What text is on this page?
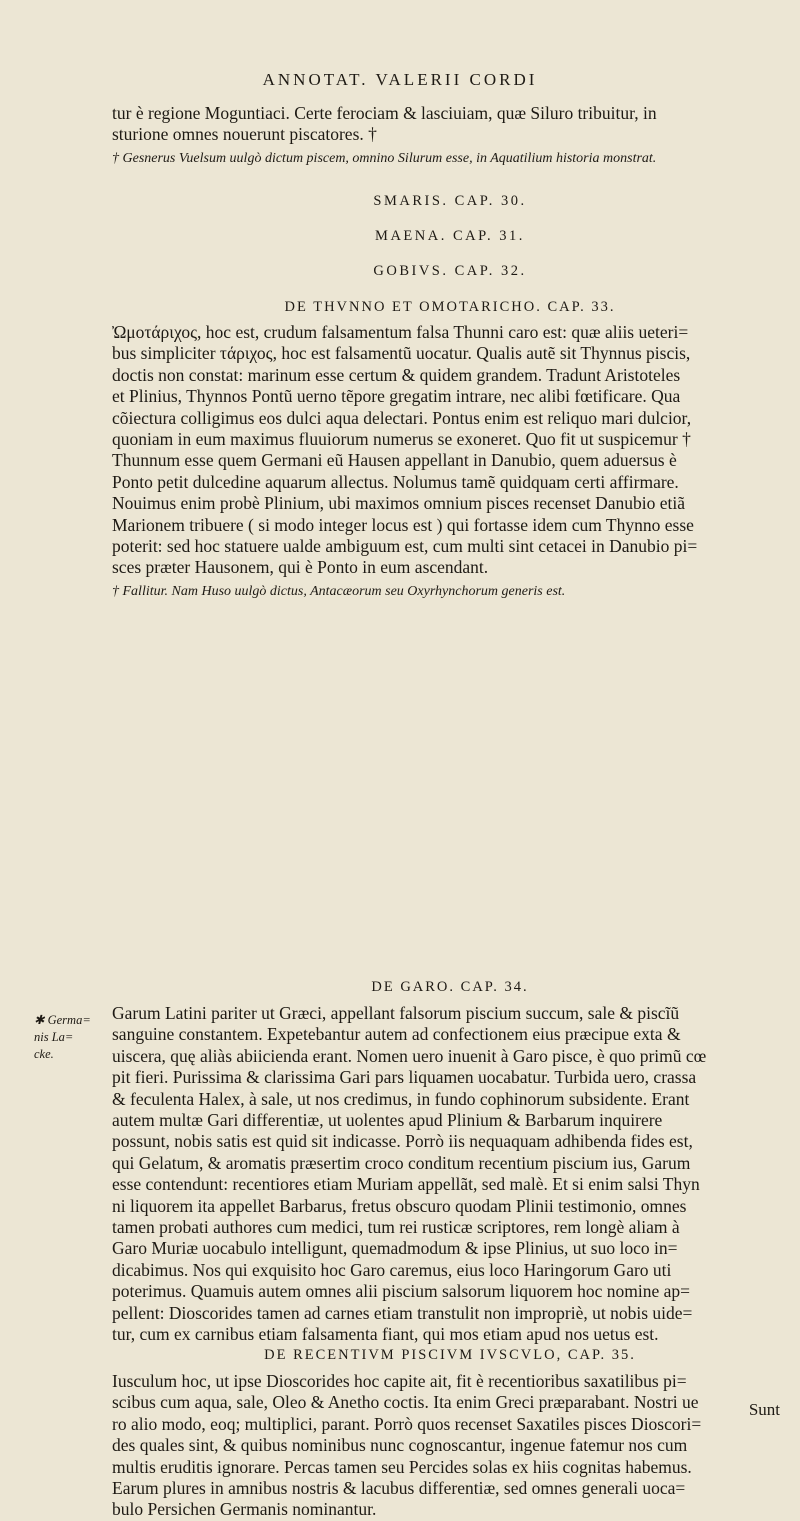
ANNOTAT. VALERII CORDI
tur è regione Moguntiaci. Certe ferociam & lasciuiam, quæ Siluro tribuitur, in
sturione omnes nouerunt piscatores. †
† Gesnerus Vuelsum uulgò dictum piscem, omnino Silurum esse, in Aquatilium historia monstrat.
SMARIS. CAP. 30.
MAENA. CAP. 31.
GOBIVS. CAP. 32.
DE THVNNO ET OMOTARICHO. CAP. 33.
Ὠμοτάριχος, hoc est, crudum falsamentum falsa Thunni caro est: quæ aliis ueteri=
bus simpliciter τάριχος, hoc est falsamentũ uocatur. Qualis autẽ sit Thynnus piscis,
doctis non constat: marinum esse certum & quidem grandem. Tradunt Aristoteles
et Plinius, Thynnos Pontũ uerno tẽpore gregatim intrare, nec alibi fœtificare. Qua
cõiectura colligimus eos dulci aqua delectari. Pontus enim est reliquo mari dulcior,
quoniam in eum maximus fluuiorum numerus se exoneret. Quo fit ut suspicemur †
Thunnum esse quem Germani eũ Hausen appellant in Danubio, quem aduersus è
Ponto petit dulcedine aquarum allectus. Nolumus tamẽ quidquam certi affirmare.
Nouimus enim probè Plinium, ubi maximos omnium pisces recenset Danubio etiã
Marionem tribuere ( si modo integer locus est ) qui fortasse idem cum Thynno esse
poterit: sed hoc statuere ualde ambiguum est, cum multi sint cetacei in Danubio pi=
sces præter Hausonem, qui è Ponto in eum ascendant.
† Fallitur. Nam Huso uulgò dictus, Antacæorum seu Oxyrhynchorum generis est.
DE GARO. CAP. 34.
✱ Germa=
nis La=
cke.
Garum Latini pariter ut Græci, appellant falsorum piscium succum, sale & piscĩũ
sanguine constantem. Expetebantur autem ad confectionem eius præcipue exta &
uiscera, quę aliàs abiicienda erant. Nomen uero inuenit à Garo pisce, è quo primũ cœ
pit fieri. Purissima & clarissima Gari pars liquamen uocabatur. Turbida uero, crassa
& feculenta Halex, à sale, ut nos credimus, in fundo cophinorum subsidente. Erant
autem multæ Gari differentiæ, ut uolentes apud Plinium & Barbarum inquirere
possunt, nobis satis est quid sit indicasse. Porrò iis nequaquam adhibenda fides est,
qui Gelatum, & aromatis præsertim croco conditum recentium piscium ius, Garum
esse contendunt: recentiores etiam Muriam appellãt, sed malè. Et si enim salsi Thyn
ni liquorem ita appellet Barbarus, fretus obscuro quodam Plinii testimonio, omnes
tamen probati authores cum medici, tum rei rusticæ scriptores, rem longè aliam à
Garo Muriæ uocabulo intelligunt, quemadmodum & ipse Plinius, ut suo loco in=
dicabimus. Nos qui exquisito hoc Garo caremus, eius loco Haringorum Garo uti
poterimus. Quamuis autem omnes alii piscium salsorum liquorem hoc nomine ap=
pellent: Dioscorides tamen ad carnes etiam transtulit non impropriè, ut nobis uide=
tur, cum ex carnibus etiam falsamenta fiant, qui mos etiam apud nos uetus est.
Sunt
DE RECENTIVM PISCIVM IVSCVLO, CAP. 35.
Iusculum hoc, ut ipse Dioscorides hoc capite ait, fit è recentioribus saxatilibus pi=
scibus cum aqua, sale, Oleo & Anetho coctis. Ita enim Greci præparabant. Nostri ue
ro alio modo, eoq; multiplici, parant. Porrò quos recenset Saxatiles pisces Dioscori=
des quales sint, & quibus nominibus nunc cognoscantur, ingenue fatemur nos cum
multis eruditis ignorare. Percas tamen seu Percides solas ex hiis cognitas habemus.
Earum plures in amnibus nostris & lacubus differentiæ, sed omnes generali uoca=
bulo Persichen Germanis nominantur.
